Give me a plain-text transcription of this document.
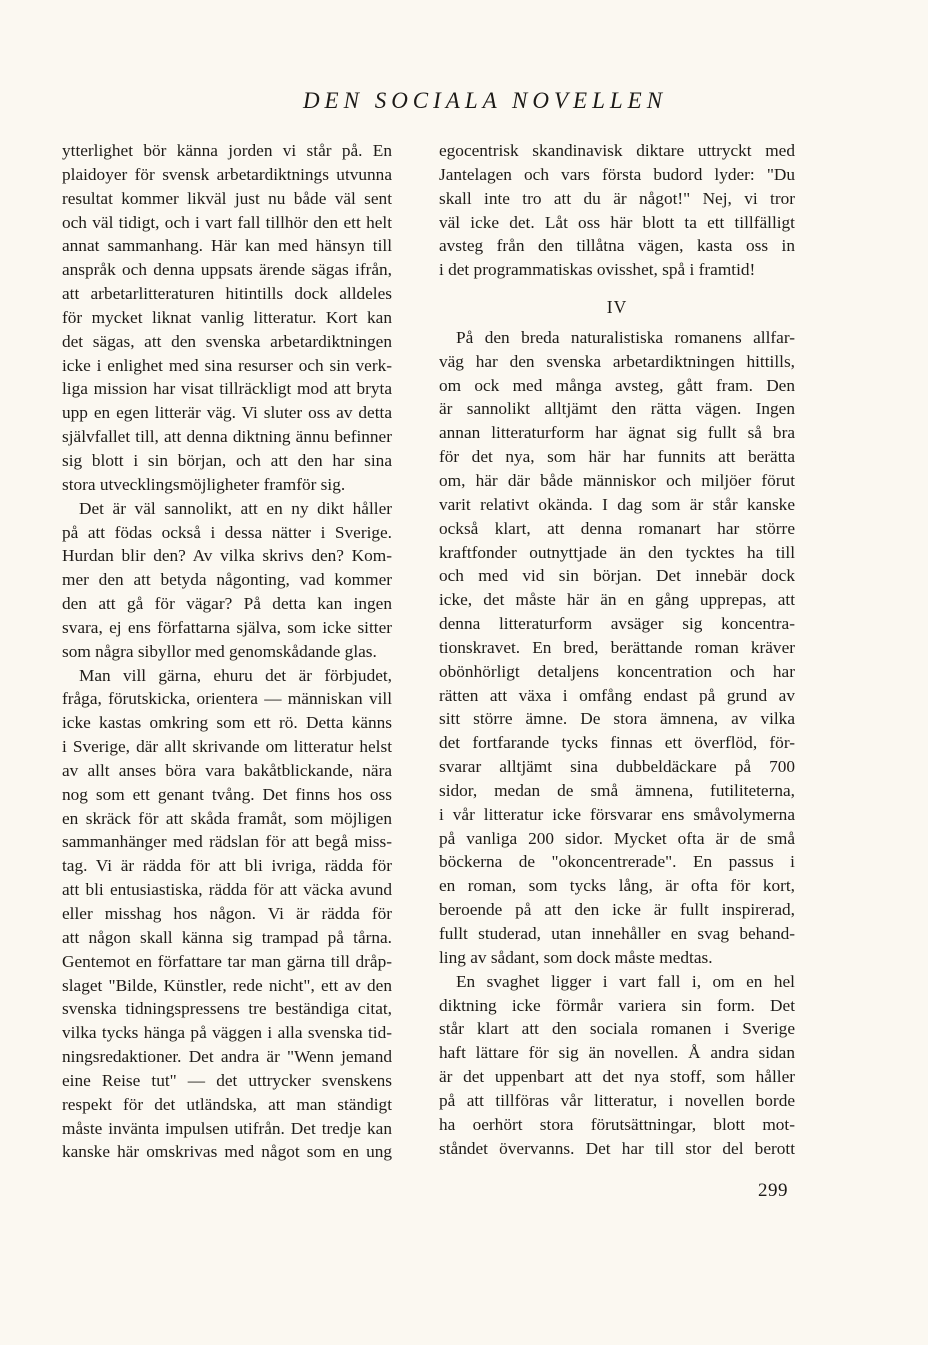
DEN SOCIALA NOVELLEN
ytterlighet bör känna jorden vi står på. En
plaidoyer för svensk arbetardiktnings utvunna
resultat kommer likväl just nu både väl sent
och väl tidigt, och i vart fall tillhör den ett helt
annat sammanhang. Här kan med hänsyn till
anspråk och denna uppsats ärende sägas ifrån,
att arbetarlitteraturen hitintills dock alldeles
för mycket liknat vanlig litteratur. Kort kan
det sägas, att den svenska arbetardiktningen
icke i enlighet med sina resurser och sin verk-
liga mission har visat tillräckligt mod att bryta
upp en egen litterär väg. Vi sluter oss av detta
självfallet till, att denna diktning ännu befinner
sig blott i sin början, och att den har sina
stora utvecklingsmöjligheter framför sig.
Det är väl sannolikt, att en ny dikt håller
på att födas också i dessa nätter i Sverige.
Hurdan blir den? Av vilka skrivs den? Kom-
mer den att betyda någonting, vad kommer
den att gå för vägar? På detta kan ingen
svara, ej ens författarna själva, som icke sitter
som några sibyllor med genomskådande glas.
Man vill gärna, ehuru det är förbjudet,
fråga, förutskicka, orientera — människan vill
icke kastas omkring som ett rö. Detta känns
i Sverige, där allt skrivande om litteratur helst
av allt anses böra vara bakåtblickande, nära
nog som ett genant tvång. Det finns hos oss
en skräck för att skåda framåt, som möjligen
sammanhänger med rädslan för att begå miss-
tag. Vi är rädda för att bli ivriga, rädda för
att bli entusiastiska, rädda för att väcka avund
eller misshag hos någon. Vi är rädda för
att någon skall känna sig trampad på tårna.
Gentemot en författare tar man gärna till dråp-
slaget "Bilde, Künstler, rede nicht", ett av den
svenska tidningspressens tre beständiga citat,
vilka tycks hänga på väggen i alla svenska tid-
ningsredaktioner. Det andra är "Wenn jemand
eine Reise tut" — det uttrycker svenskens
respekt för det utländska, att man ständigt
måste invänta impulsen utifrån. Det tredje kan
kanske här omskrivas med något som en ung
egocentrisk skandinavisk diktare uttryckt med
Jantelagen och vars första budord lyder: "Du
skall inte tro att du är något!" Nej, vi tror
väl icke det. Låt oss här blott ta ett tillfälligt
avsteg från den tillåtna vägen, kasta oss in
i det programmatiskas ovisshet, spå i framtid!
IV
På den breda naturalistiska romanens allfar-
väg har den svenska arbetardiktningen hittills,
om ock med många avsteg, gått fram. Den
är sannolikt alltjämt den rätta vägen. Ingen
annan litteraturform har ägnat sig fullt så bra
för det nya, som här har funnits att berätta
om, här där både människor och miljöer förut
varit relativt okända. I dag som är står kanske
också klart, att denna romanart har större
kraftfonder outnyttjade än den tycktes ha till
och med vid sin början. Det innebär dock
icke, det måste här än en gång upprepas, att
denna litteraturform avsäger sig koncentra-
tionskravet. En bred, berättande roman kräver
obönhörligt detaljens koncentration och har
rätten att växa i omfång endast på grund av
sitt större ämne. De stora ämnena, av vilka
det fortfarande tycks finnas ett överflöd, för-
svarar alltjämt sina dubbeldäckare på 700
sidor, medan de små ämnena, futiliteterna,
i vår litteratur icke försvarar ens småvolymerna
på vanliga 200 sidor. Mycket ofta är de små
böckerna de "okoncentrerade". En passus i
en roman, som tycks lång, är ofta för kort,
beroende på att den icke är fullt inspirerad,
fullt studerad, utan innehåller en svag behand-
ling av sådant, som dock måste medtas.
En svaghet ligger i vart fall i, om en hel
diktning icke förmår variera sin form. Det
står klart att den sociala romanen i Sverige
haft lättare för sig än novellen. Å andra sidan
är det uppenbart att det nya stoff, som håller
på att tillföras vår litteratur, i novellen borde
ha oerhört stora förutsättningar, blott mot-
ståndet övervanns. Det har till stor del berott
299
